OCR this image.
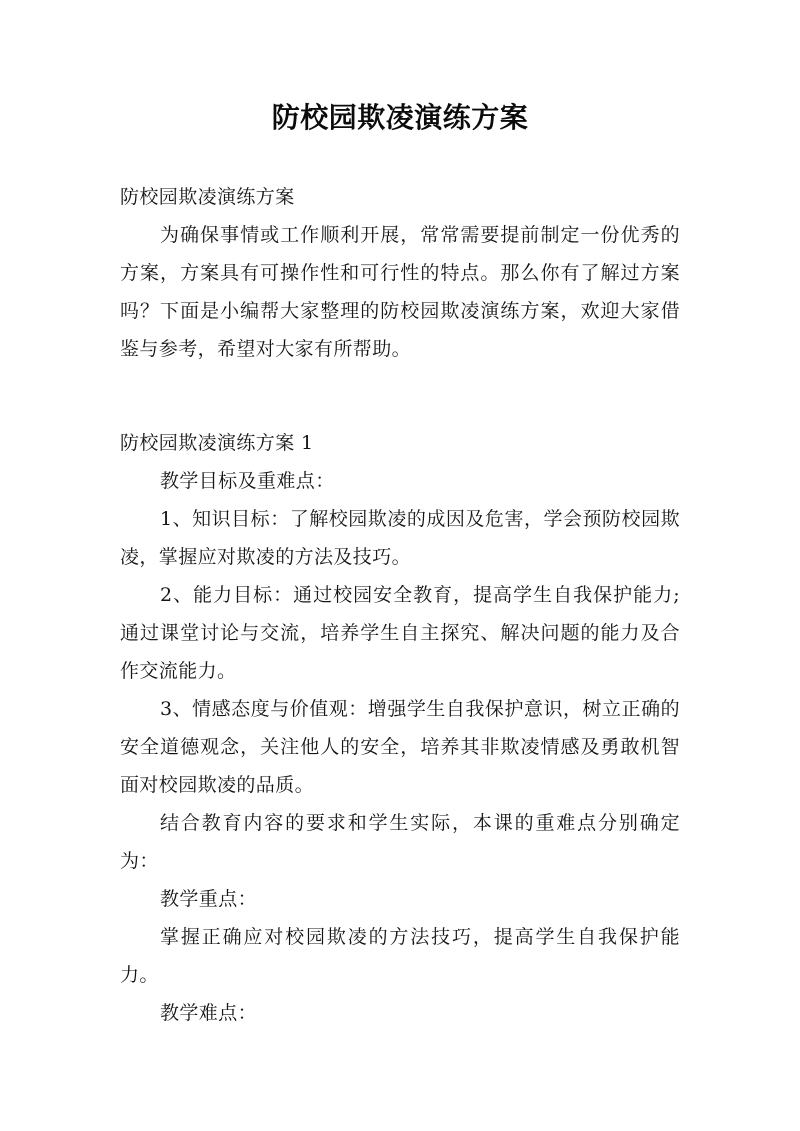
防校园欺凌演练方案

防校园欺凌演练方案

为确保事情或工作顺利开展，常常需要提前制定一份优秀的方案，方案具有可操作性和可行性的特点。那么你有了解过方案吗？下面是小编帮大家整理的防校园欺凌演练方案，欢迎大家借鉴与参考，希望对大家有所帮助。

防校园欺凌演练方案 1

教学目标及重难点：

1、知识目标：了解校园欺凌的成因及危害，学会预防校园欺凌，掌握应对欺凌的方法及技巧。

2、能力目标：通过校园安全教育，提高学生自我保护能力;通过课堂讨论与交流，培养学生自主探究、解决问题的能力及合作交流能力。

3、情感态度与价值观：增强学生自我保护意识，树立正确的安全道德观念，关注他人的安全，培养其非欺凌情感及勇敢机智面对校园欺凌的品质。

结合教育内容的要求和学生实际，本课的重难点分别确定为：

教学重点：

掌握正确应对校园欺凌的方法技巧，提高学生自我保护能力。

教学难点：
